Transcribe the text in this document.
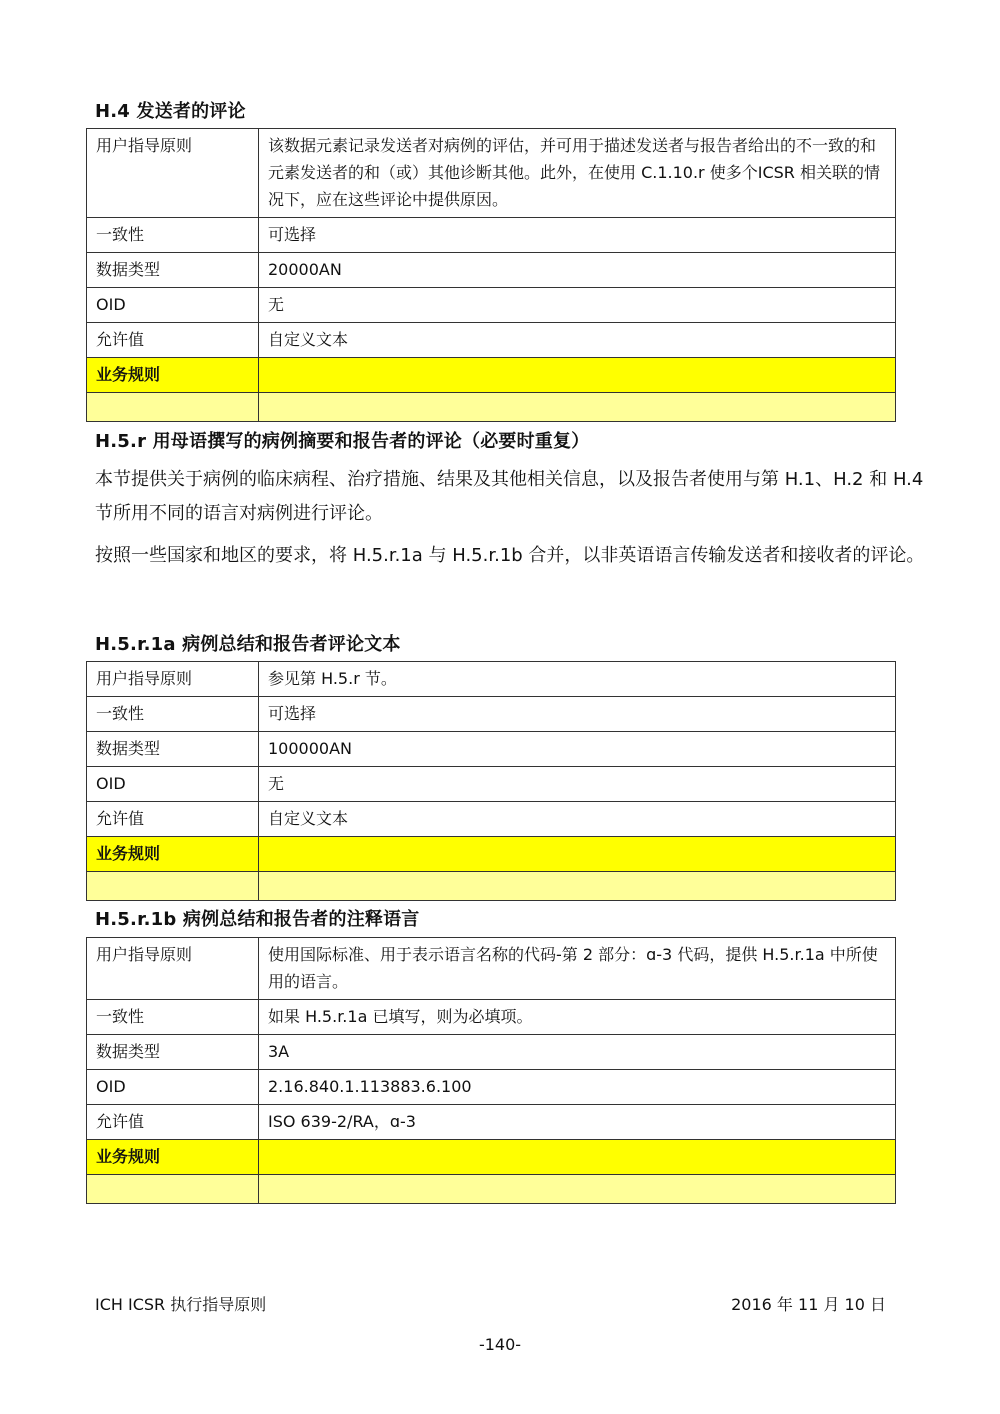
H.4 发送者的评论
用户指导原则	该数据元素记录发送者对病例的评估，并可用于描述发送者与报告者给出的不一致的和元素发送者的和（或）其他诊断其他。此外，在使用 C.1.10.r 使多个ICSR 相关联的情况下，应在这些评论中提供原因。
一致性	可选择
数据类型	20000AN
OID	无
允许值	自定义文本
业务规则	

H.5.r 用母语撰写的病例摘要和报告者的评论（必要时重复）

本节提供关于病例的临床病程、治疗措施、结果及其他相关信息，以及报告者使用与第 H.1、H.2 和 H.4 节所用不同的语言对病例进行评论。

按照一些国家和地区的要求，将 H.5.r.1a 与 H.5.r.1b 合并，以非英语语言传输发送者和接收者的评论。

H.5.r.1a 病例总结和报告者评论文本
用户指导原则	参见第 H.5.r 节。
一致性	可选择
数据类型	100000AN
OID	无
允许值	自定义文本
业务规则	

H.5.r.1b 病例总结和报告者的注释语言
用户指导原则	使用国际标准、用于表示语言名称的代码-第 2 部分：ɑ-3 代码，提供 H.5.r.1a 中所使用的语言。
一致性	如果 H.5.r.1a 已填写，则为必填项。
数据类型	3A
OID	2.16.840.1.113883.6.100
允许值	ISO 639-2/RA，ɑ-3
业务规则	

ICH ICSR 执行指导原则	2016 年 11 月 10 日
-140-
